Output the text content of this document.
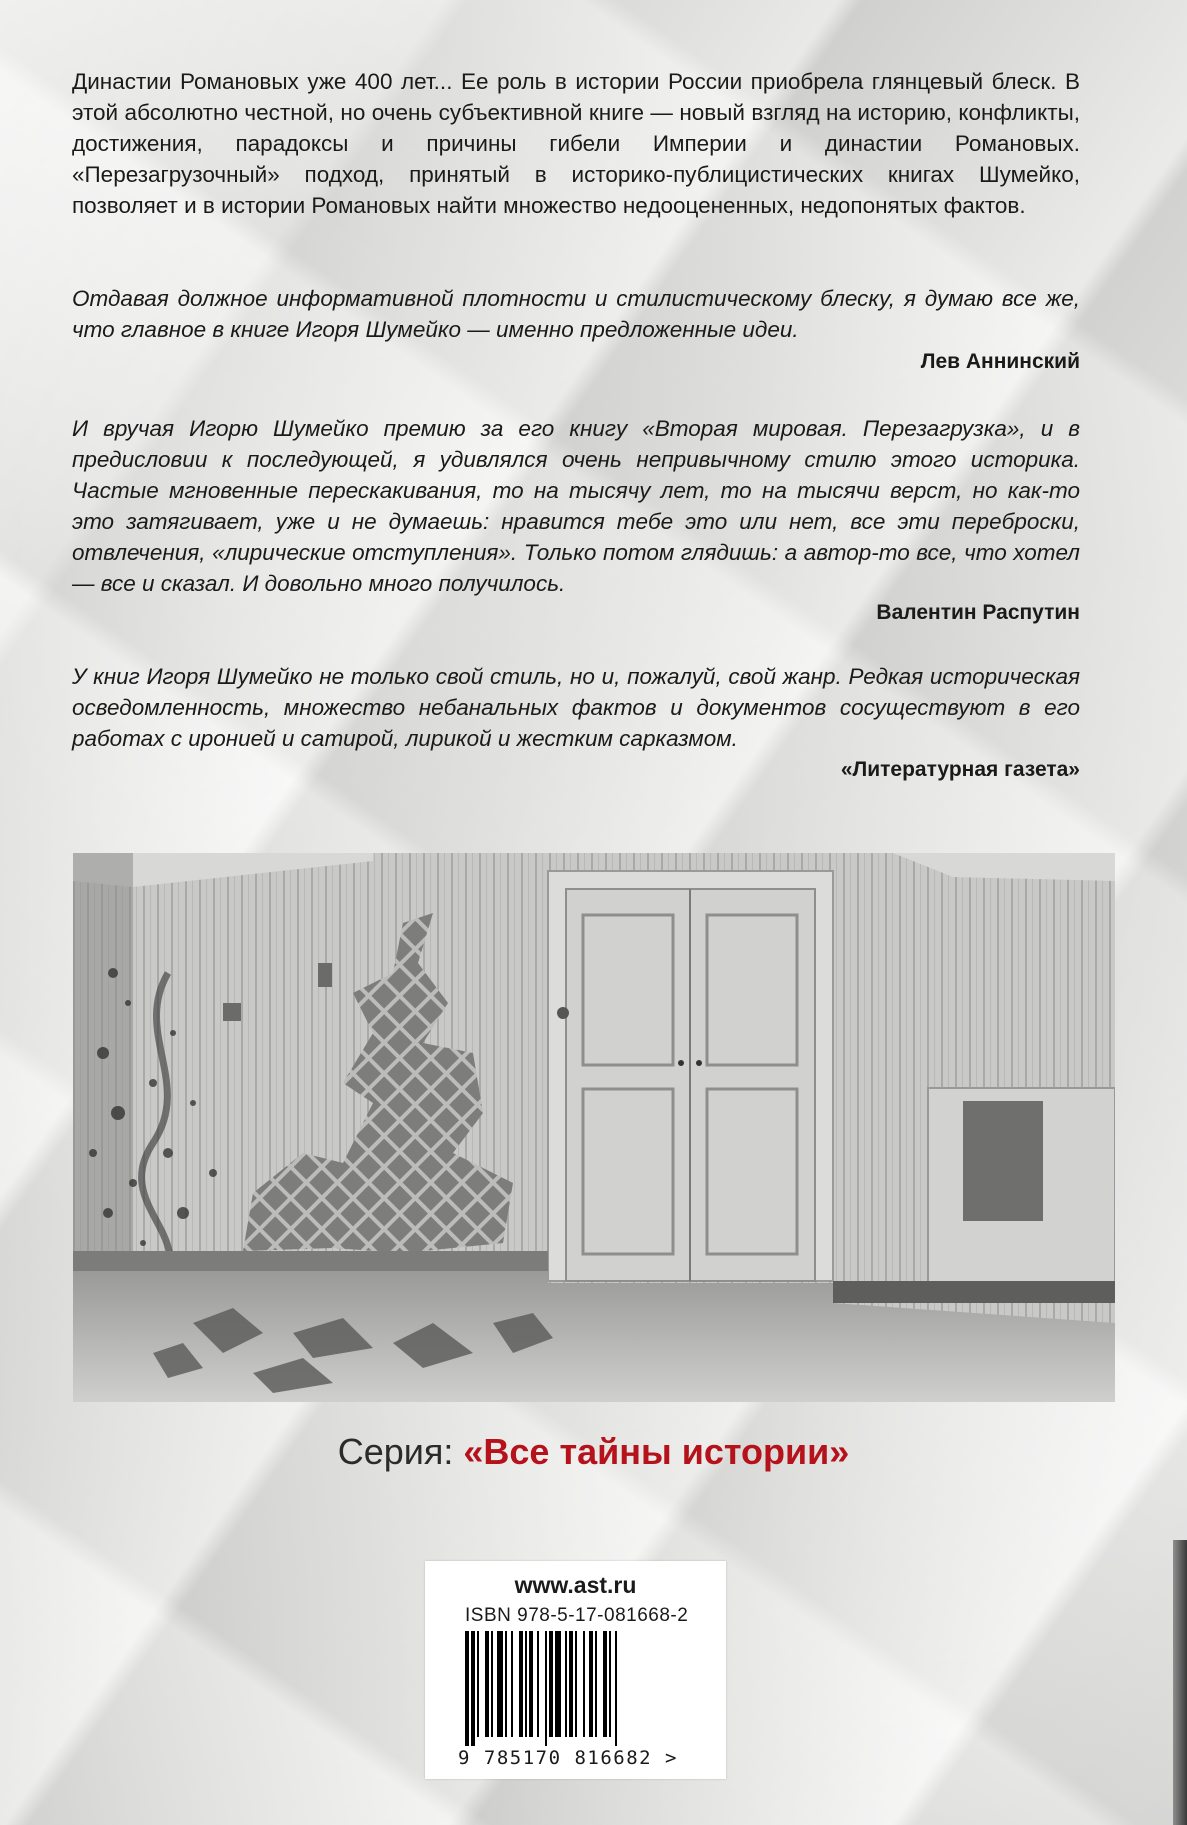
Династии Романовых уже 400 лет... Ее роль в истории России приобрела глянцевый блеск. В этой абсолютно честной, но очень субъективной книге — новый взгляд на историю, конфликты, достижения, парадоксы и причины гибели Империи и династии Романовых. «Перезагрузочный» подход, принятый в историко-публицистических книгах Шумейко, позволяет и в истории Романовых найти множество недооцененных, недопонятых фактов.

Отдавая должное информативной плотности и стилистическому блеску, я думаю все же, что главное в книге Игоря Шумейко — именно предложенные идеи.

Лев Аннинский

И вручая Игорю Шумейко премию за его книгу «Вторая мировая. Перезагрузка», и в предисловии к последующей, я удивлялся очень непривычному стилю этого историка. Частые мгновенные перескакивания, то на тысячу лет, то на тысячи верст, но как-то это затягивает, уже и не думаешь: нравится тебе это или нет, все эти переброски, отвлечения, «лирические отступления». Только потом глядишь: а автор-то все, что хотел — все и сказал. И довольно много получилось.

Валентин Распутин

У книг Игоря Шумейко не только свой стиль, но и, пожалуй, свой жанр. Редкая историческая осведомленность, множество небанальных фактов и документов сосуществуют в его работах с иронией и сатирой, лирикой и жестким сарказмом.

«Литературная газета»
Серия: «Все тайны истории»
www.ast.ru
ISBN 978-5-17-081668-2
9 785170 816682 >
